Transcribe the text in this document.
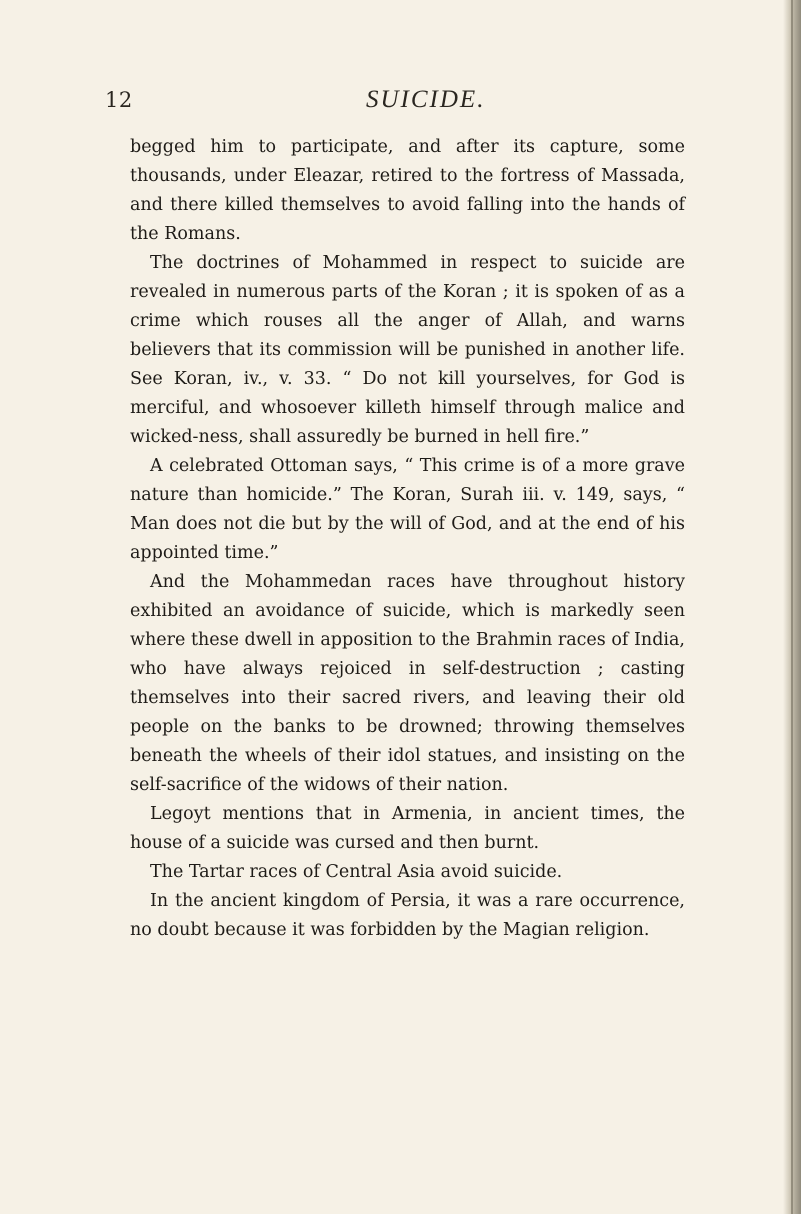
12	SUICIDE.

begged him to participate, and after its capture, some thousands, under Eleazar, retired to the fortress of Massada, and there killed themselves to avoid falling into the hands of the Romans.

The doctrines of Mohammed in respect to suicide are revealed in numerous parts of the Koran ; it is spoken of as a crime which rouses all the anger of Allah, and warns believers that its commission will be punished in another life. See Koran, iv., v. 33. “ Do not kill yourselves, for God is merciful, and whosoever killeth himself through malice and wicked-ness, shall assuredly be burned in hell fire.”

A celebrated Ottoman says, “ This crime is of a more grave nature than homicide.” The Koran, Surah iii. v. 149, says, “ Man does not die but by the will of God, and at the end of his appointed time.”

And the Mohammedan races have throughout history exhibited an avoidance of suicide, which is markedly seen where these dwell in apposition to the Brahmin races of India, who have always rejoiced in self-destruction ; casting themselves into their sacred rivers, and leaving their old people on the banks to be drowned; throwing themselves beneath the wheels of their idol statues, and insisting on the self-sacrifice of the widows of their nation.

Legoyt mentions that in Armenia, in ancient times, the house of a suicide was cursed and then burnt.

The Tartar races of Central Asia avoid suicide.

In the ancient kingdom of Persia, it was a rare occurrence, no doubt because it was forbidden by the Magian religion.
